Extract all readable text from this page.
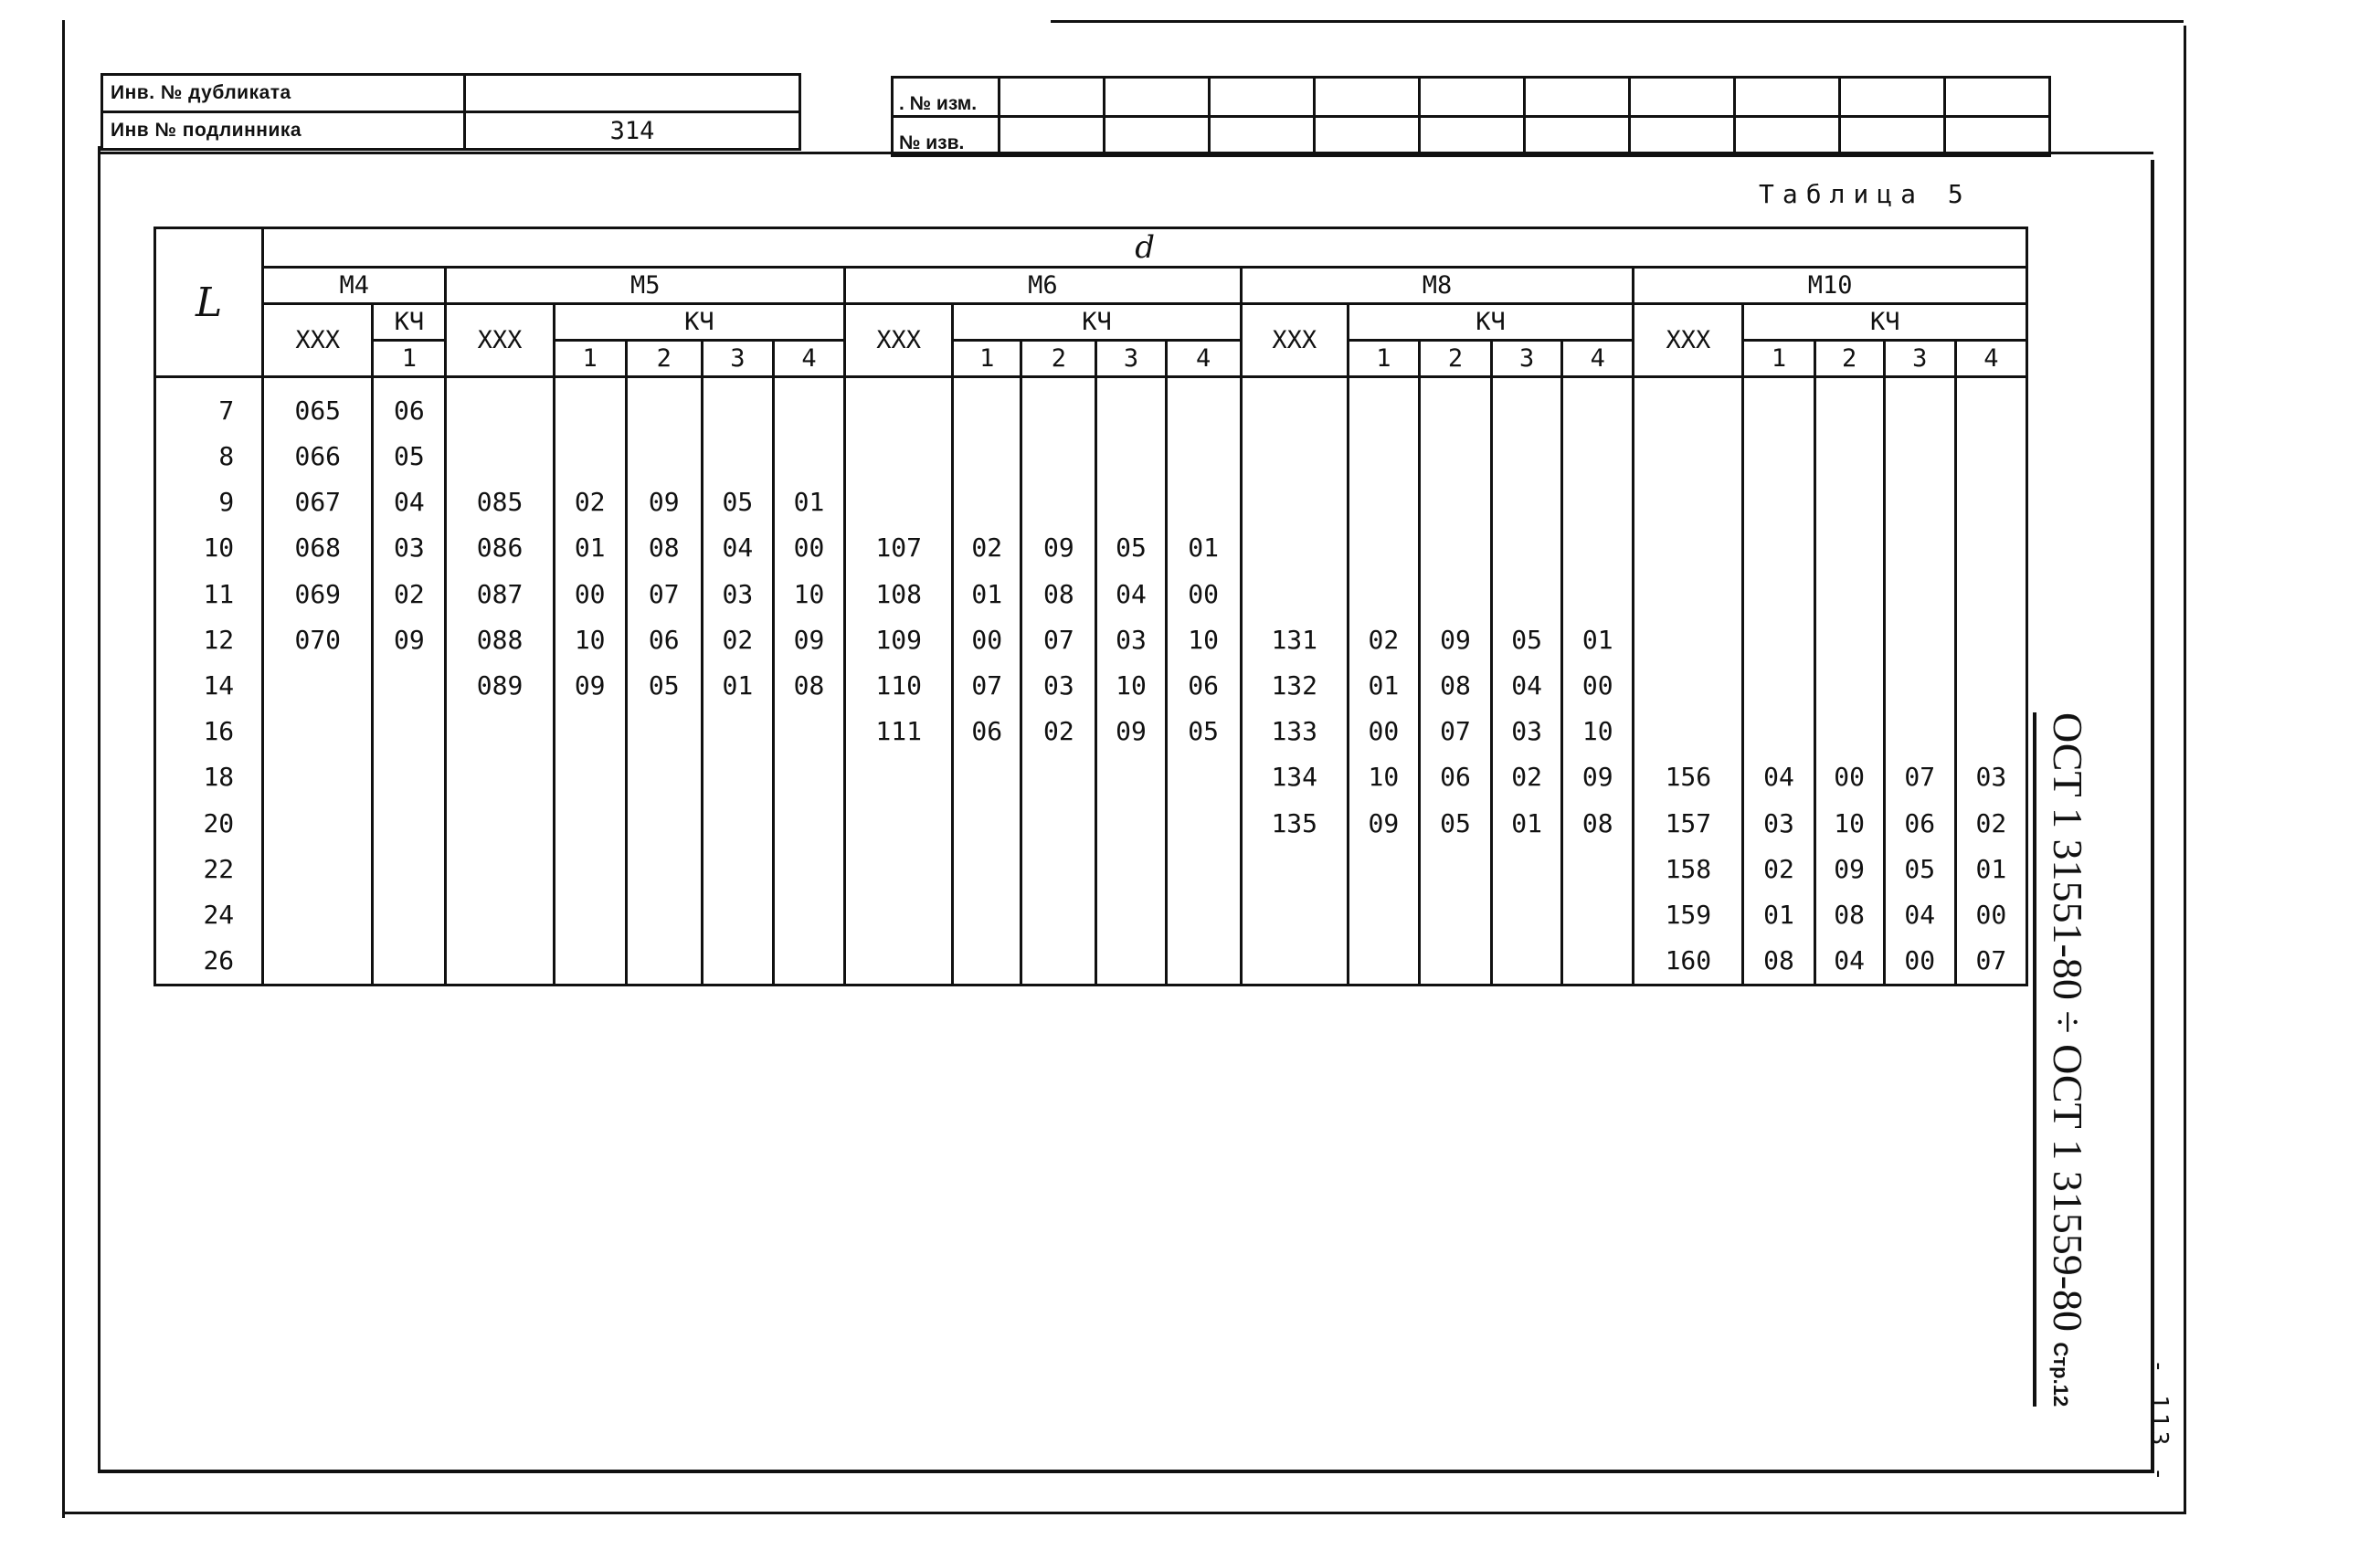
Инв. № дубликата	
Инв № подлинника	314
. № изм.										
№ изв.										
Таблица 5
L	d																					
	М4		М5					М6					М8					М10				
	ХХХ	КЧ	ХХХ	КЧ				ХХХ	КЧ				ХХХ	КЧ				ХХХ	КЧ			
		1		1	2	3	4		1	2	3	4		1	2	3	4		1	2	3	4
7	065	06																				
8	066	05																				
9	067	04	085	02	09	05	01															
10	068	03	086	01	08	04	00	107	02	09	05	01										
11	069	02	087	00	07	03	10	108	01	08	04	00										
12	070	09	088	10	06	02	09	109	00	07	03	10	131	02	09	05	01					
14			089	09	05	01	08	110	07	03	10	06	132	01	08	04	00					
16								111	06	02	09	05	133	00	07	03	10					
18													134	10	06	02	09	156	04	00	07	03
20													135	09	05	01	08	157	03	10	06	02
22																		158	02	09	05	01
24																		159	01	08	04	00
26																		160	08	04	00	07 ОСТ 1 31551-80 ÷ ОСТ 1 31559-80 Стр.12	- 113 -
